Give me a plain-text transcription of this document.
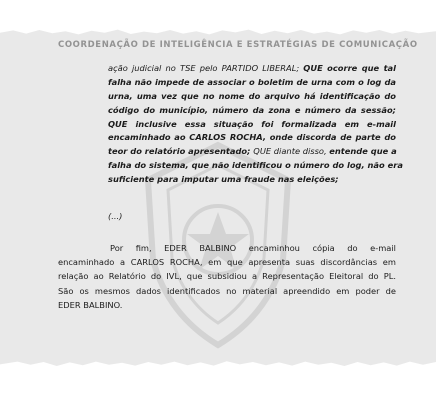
COORDENAÇÃO DE INTELIGÊNCIA E ESTRATÉGIAS DE COMUNICAÇÃO
ação judicial no TSE pelo PARTIDO LIBERAL; QUE ocorre que tal
falha não impede de associar o boletim de urna com o log da
urna, uma vez que no nome do arquivo há identificação do
código do município, número da zona e número da sessão;
QUE inclusive essa situação foi formalizada em e-mail
encaminhado ao CARLOS ROCHA, onde discorda de parte do
teor do relatório apresentado; QUE diante disso, entende que a
falha do sistema, que não identificou o número do log, não era
suficiente para imputar uma fraude nas eleições;
(...)
Por fim, EDER BALBINO encaminhou cópia do e-mail
encaminhado a CARLOS ROCHA, em que apresenta suas discordâncias em
relação ao Relatório do IVL, que subsidiou a Representação Eleitoral do PL.
São os mesmos dados identificados no material apreendido em poder de
EDER BALBINO.
